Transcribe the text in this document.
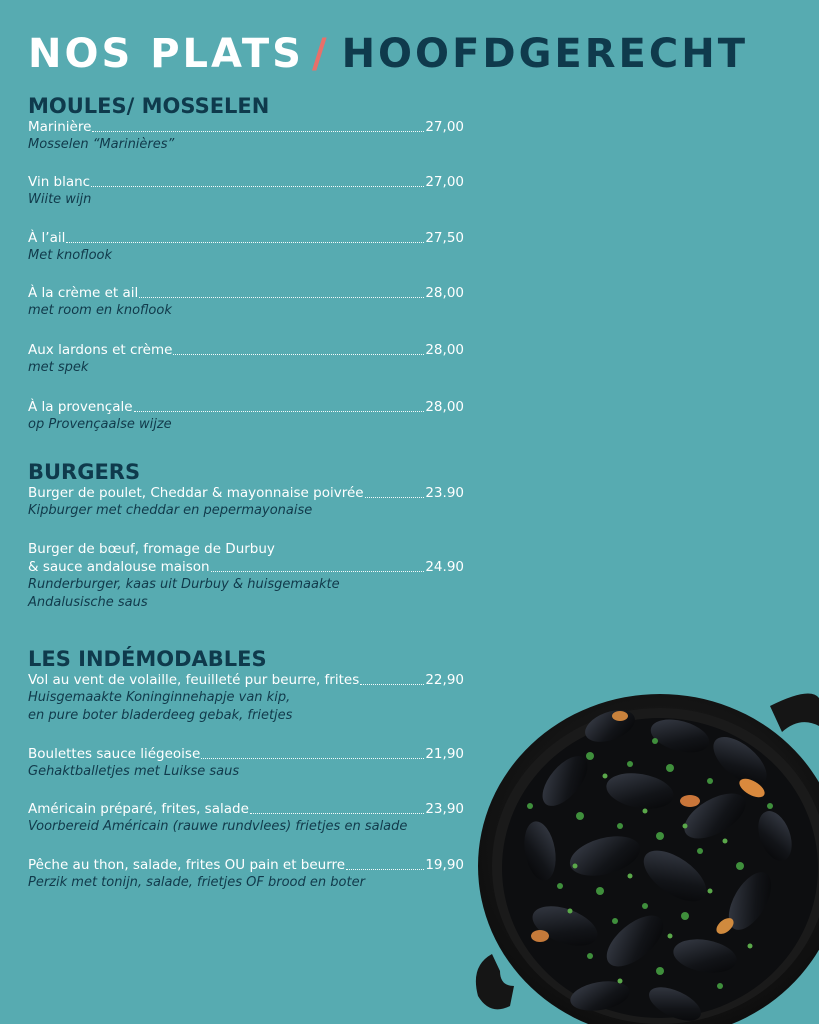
NOS PLATS / HOOFDGERECHT
MOULES/ MOSSELEN
Marinière	27,00
Mosselen “Marinières”
Vin blanc	27,00
Wiite wijn
À l’ail	27,50
Met knoflook
À la crème et ail	28,00
met room en knoflook
Aux lardons et crème	28,00
met spek
À la provençale	28,00
op Provençaalse wijze
BURGERS
Burger de poulet, Cheddar & mayonnaise poivrée	23.90
Kipburger met cheddar en pepermayonaise
Burger de bœuf, fromage de Durbuy
& sauce andalouse maison	24.90
Runderburger, kaas uit Durbuy & huisgemaakte
Andalusische saus
LES INDÉMODABLES
Vol au vent de volaille, feuilleté pur beurre, frites	22,90
Huisgemaakte Koninginnehapje van kip,
en pure boter bladerdeeg gebak, frietjes
Boulettes sauce liégeoise	21,90
Gehaktballetjes met Luikse saus
Américain préparé, frites, salade	23,90
Voorbereid Américain (rauwe rundvlees) frietjes en salade
Pêche au thon, salade, frites OU pain et beurre	19,90
Perzik met tonijn, salade, frietjes OF brood en boter
